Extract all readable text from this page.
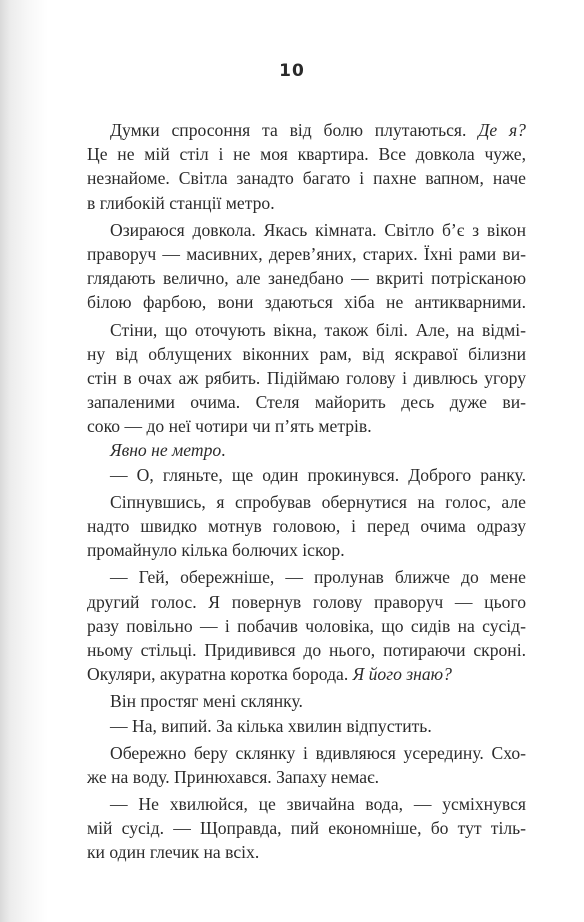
10
Думки спросоння та від болю плутаються. Де я?
Це не мій стіл і не моя квартира. Все довкола чуже,
незнайоме. Світла занадто багато і пахне вапном, наче
в глибокій станції метро.
Озираюся довкола. Якась кімната. Світло б’є з вікон
праворуч — масивних, дерев’яних, старих. Їхні рами ви-
глядають велично, але занедбано — вкриті потрісканою
білою фарбою, вони здаються хіба не антикварними.
Стіни, що оточують вікна, також білі. Але, на відмі-
ну від облущених віконних рам, від яскравої білизни
стін в очах аж рябить. Підіймаю голову і дивлюсь угору
запаленими очима. Стеля майорить десь дуже ви-
соко — до неї чотири чи п’ять метрів.
Явно не метро.
— О, гляньте, ще один прокинувся. Доброго ранку.
Сіпнувшись, я спробував обернутися на голос, але
надто швидко мотнув головою, і перед очима одразу
промайнуло кілька болючих іскор.
— Гей, обережніше, — пролунав ближче до мене
другий голос. Я повернув голову праворуч — цього
разу повільно — і побачив чоловіка, що сидів на сусід-
ньому стільці. Придивився до нього, потираючи скроні.
Окуляри, акуратна коротка борода. Я його знаю?
Він простяг мені склянку.
— На, випий. За кілька хвилин відпустить.
Обережно беру склянку і вдивляюся усередину. Схо-
же на воду. Принюхався. Запаху немає.
— Не хвилюйся, це звичайна вода, — усміхнувся
мій сусід. — Щоправда, пий економніше, бо тут тіль-
ки один глечик на всіх.
